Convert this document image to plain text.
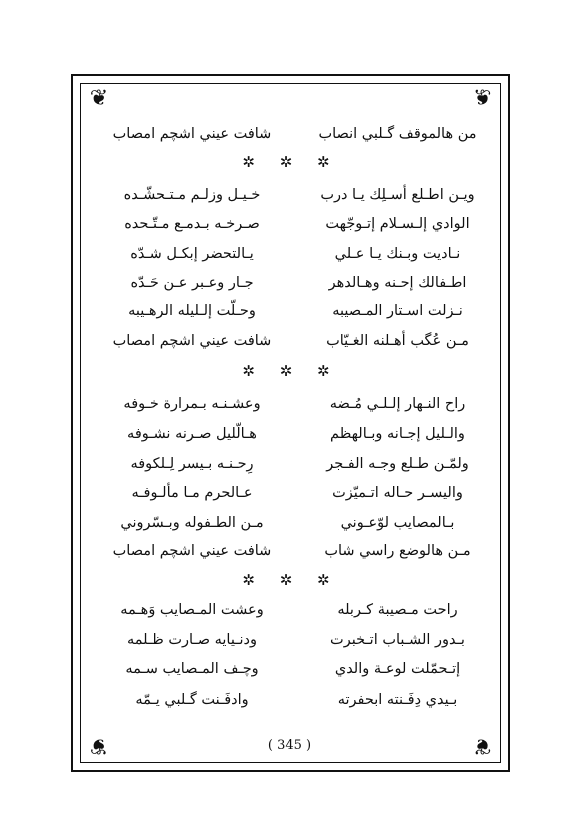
❦	❦
❦	❦
من هالموقف گـلبي انصاب
شافت عيني اشچم امصاب
✲ ✲ ✲
ويـن اطـلع أسـلِك يـا درب
خـيـل وزلـم مـتـحشّـده
الوادي إلـسـلام إتـوجّهت
صـرخـه بـدمـع مـتّـحده
نـاديت وبـنك يـا عـلي
يـالتحضر إبكـل شـدّه
اطـفالك إحـنه وهـالدهر
جـار وعـبر عـن حَـدّه
نـزلت اسـتار المـصيبه
وحـلّت إلـليله الرهـيبه
مـن عُگب أهـلنه الغـيّاب
شافت عيني اشچم امصاب
✲ ✲ ✲
راح النـهار إلـلـي مُـضه
وعشـنـه بـمرارة خـوفه
والـليل إجـانه وبـالهظم
هـالّليل صـرنه نشـوفه
ولمّـن طـلع وجـه الفـجر
رِحـنـه بـيسر لِـلكوفه
واليسـر حـاله اتـميّزت
عـالحرم مـا مألـوفـه
بـالمصايب لوّعـوني
مـن الطـفوله وبـسّروني
مـن هالوضع راسي شاب
شافت عيني اشچم امصاب
✲ ✲ ✲
راحت مـصيبة كـربله
وعشت المـصايب وَهـمه
بـدور الشـباب اتـخبرت
ودنـيايه صـارت ظـلمه
إتـحمّلت لوعـة والدي
وچـف المـصايب سـمه
بـيدي دِفَـنته ابحفرته
وادفَـنت گـلبي يـمّه
( 345 )
